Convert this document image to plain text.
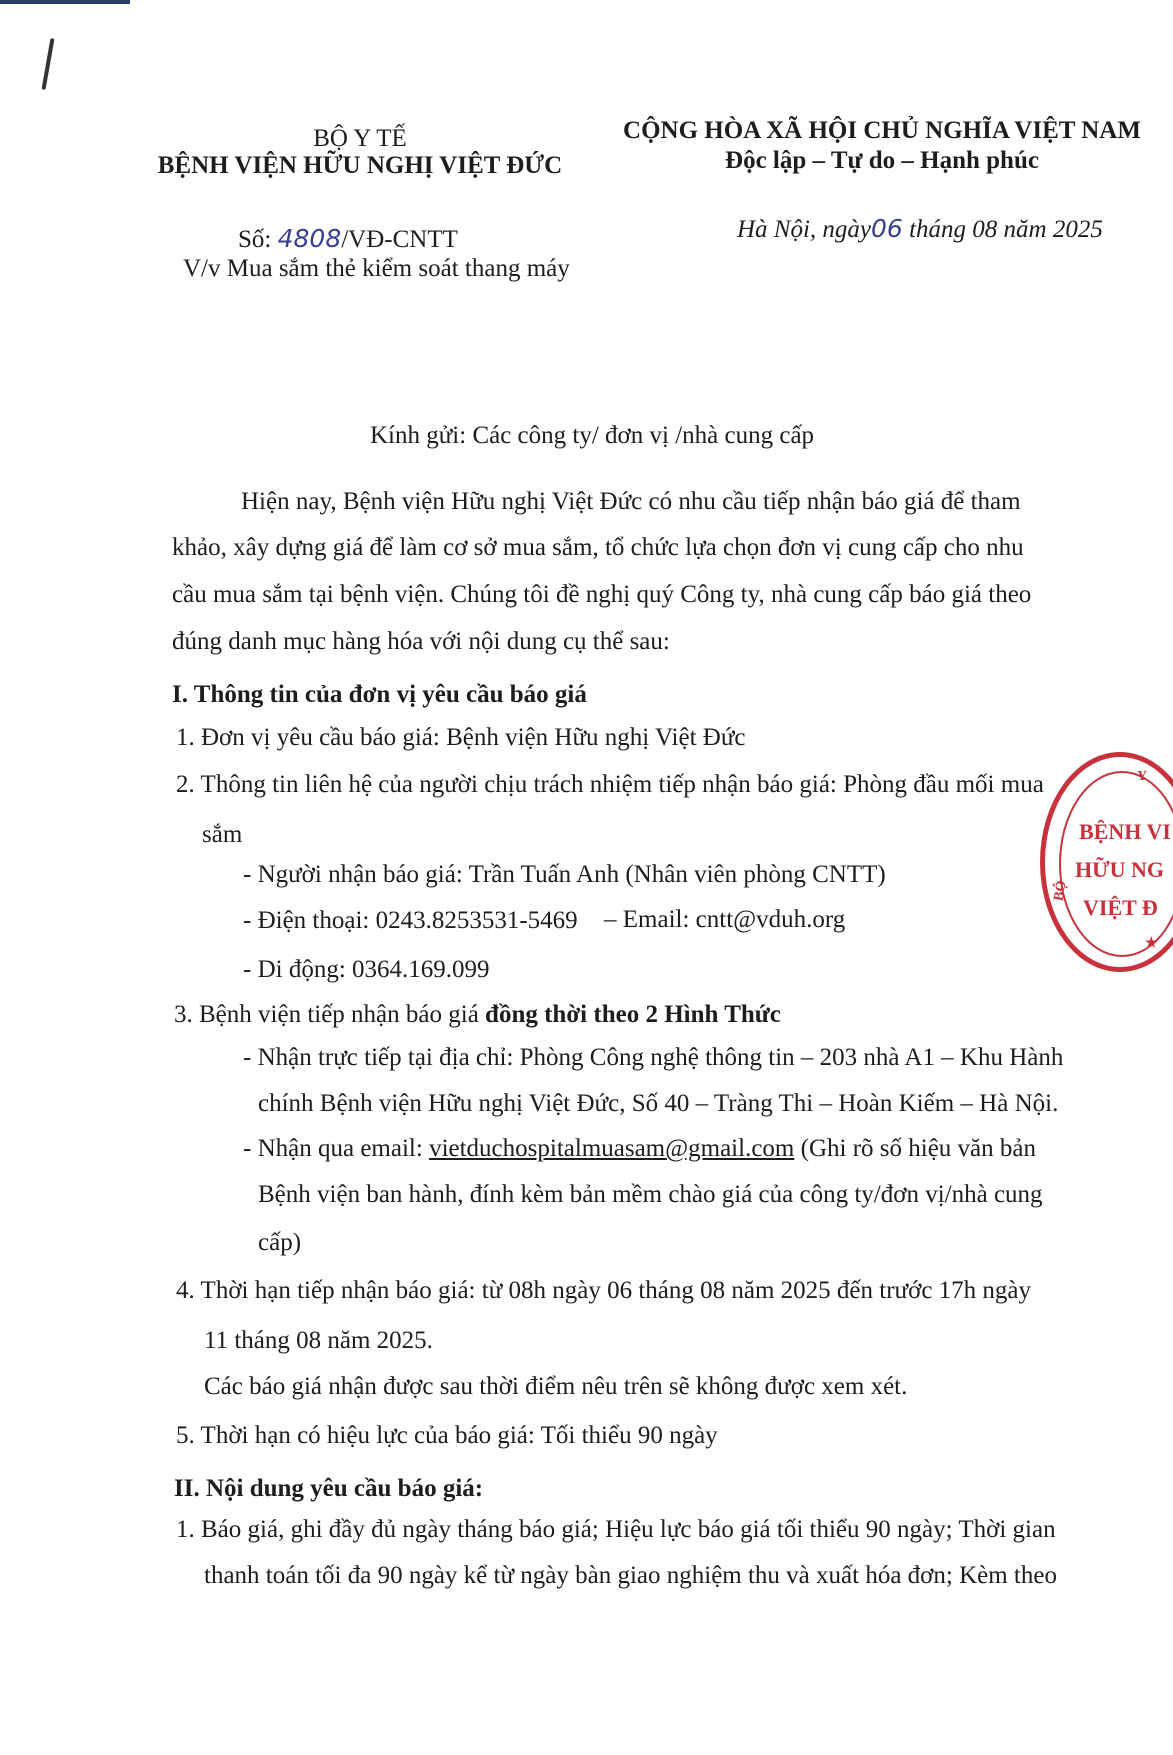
BỘ Y TẾ
BỆNH VIỆN HỮU NGHỊ VIỆT ĐỨC
Số: 4808/VĐ-CNTT
V/v Mua sắm thẻ kiểm soát thang máy
CỘNG HÒA XÃ HỘI CHỦ NGHĨA VIỆT NAM
Độc lập – Tự do – Hạnh phúc
Hà Nội, ngày06 tháng 08 năm 2025
Kính gửi: Các công ty/ đơn vị /nhà cung cấp
Hiện nay, Bệnh viện Hữu nghị Việt Đức có nhu cầu tiếp nhận báo giá để tham
khảo, xây dựng giá để làm cơ sở mua sắm, tổ chức lựa chọn đơn vị cung cấp cho nhu
cầu mua sắm tại bệnh viện. Chúng tôi đề nghị quý Công ty, nhà cung cấp báo giá theo
đúng danh mục hàng hóa với nội dung cụ thể sau:
I. Thông tin của đơn vị yêu cầu báo giá
1. Đơn vị yêu cầu báo giá: Bệnh viện Hữu nghị Việt Đức
2. Thông tin liên hệ của người chịu trách nhiệm tiếp nhận báo giá: Phòng đầu mối mua
sắm
- Người nhận báo giá: Trần Tuấn Anh (Nhân viên phòng CNTT)
- Điện thoại: 0243.8253531-5469 – Email: cntt@vduh.org
- Di động: 0364.169.099
3. Bệnh viện tiếp nhận báo giá đồng thời theo 2 Hình Thức
- Nhận trực tiếp tại địa chỉ: Phòng Công nghệ thông tin – 203 nhà A1 – Khu Hành
chính Bệnh viện Hữu nghị Việt Đức, Số 40 – Tràng Thi – Hoàn Kiếm – Hà Nội.
- Nhận qua email: vietduchospitalmuasam@gmail.com (Ghi rõ số hiệu văn bản
Bệnh viện ban hành, đính kèm bản mềm chào giá của công ty/đơn vị/nhà cung
cấp)
4. Thời hạn tiếp nhận báo giá: từ 08h ngày 06 tháng 08 năm 2025 đến trước 17h ngày
11 tháng 08 năm 2025.
Các báo giá nhận được sau thời điểm nêu trên sẽ không được xem xét.
5. Thời hạn có hiệu lực của báo giá: Tối thiểu 90 ngày
II. Nội dung yêu cầu báo giá:
1. Báo giá, ghi đầy đủ ngày tháng báo giá; Hiệu lực báo giá tối thiểu 90 ngày; Thời gian
thanh toán tối đa 90 ngày kể từ ngày bàn giao nghiệm thu và xuất hóa đơn; Kèm theo
Y
BỘ
BỆNH VI
HỮU NG
VIỆT Đ
★
